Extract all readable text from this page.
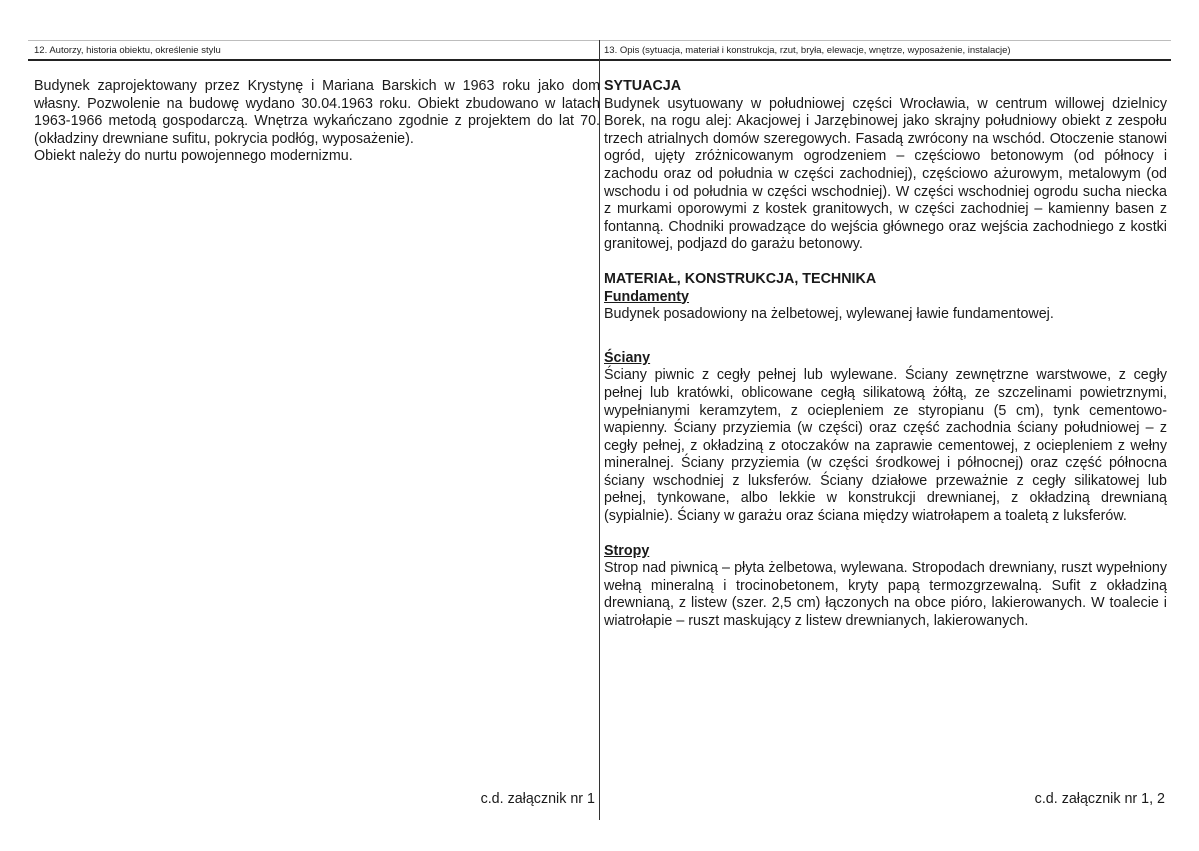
12. Autorzy, historia obiektu, określenie stylu

Budynek zaprojektowany przez Krystynę i Mariana Barskich w 1963 roku jako dom własny. Pozwolenie na budowę wydano 30.04.1963 roku. Obiekt zbudowano w latach 1963-1966 metodą gospodarczą. Wnętrza wykańczano zgodnie z projektem do lat 70. (okładziny drewniane sufitu, pokrycia podłóg, wyposażenie).

Obiekt należy do nurtu powojennego modernizmu.

c.d. załącznik nr 1
13. Opis (sytuacja, materiał i konstrukcja, rzut, bryła, elewacje, wnętrze, wyposażenie, instalacje)

SYTUACJA

Budynek usytuowany w południowej części Wrocławia, w centrum willowej dzielnicy Borek, na rogu alej: Akacjowej i Jarzębinowej jako skrajny południowy obiekt z zespołu trzech atrialnych domów szeregowych. Fasadą zwrócony na wschód. Otoczenie stanowi ogród, ujęty zróżnicowanym ogrodzeniem – częściowo betonowym (od północy i zachodu oraz od południa w części zachodniej), częściowo ażurowym, metalowym (od wschodu i od południa w części wschodniej). W części wschodniej ogrodu sucha niecka z murkami oporowymi z kostek granitowych, w części zachodniej – kamienny basen z fontanną. Chodniki prowadzące do wejścia głównego oraz wejścia zachodniego z kostki granitowej, podjazd do garażu betonowy.

MATERIAŁ, KONSTRUKCJA, TECHNIKA

Fundamenty

Budynek posadowiony na żelbetowej, wylewanej ławie fundamentowej.

Ściany

Ściany piwnic z cegły pełnej lub wylewane. Ściany zewnętrzne warstwowe, z cegły pełnej lub kratówki, oblicowane cegłą silikatową żółtą, ze szczelinami powietrznymi, wypełnianymi keramzytem, z ociepleniem ze styropianu (5 cm), tynk cementowo-wapienny. Ściany przyziemia (w części) oraz część zachodnia ściany południowej – z cegły pełnej, z okładziną z otoczaków na zaprawie cementowej, z ociepleniem z wełny mineralnej. Ściany przyziemia (w części środkowej i północnej) oraz część północna ściany wschodniej z luksferów. Ściany działowe przeważnie z cegły silikatowej lub pełnej, tynkowane, albo lekkie w konstrukcji drewnianej, z okładziną drewnianą (sypialnie). Ściany w garażu oraz ściana między wiatrołapem a toaletą z luksferów.

Stropy

Strop nad piwnicą – płyta żelbetowa, wylewana. Stropodach drewniany, ruszt wypełniony wełną mineralną i trocinobetonem, kryty papą termozgrzewalną. Sufit z okładziną drewnianą, z listew (szer. 2,5 cm) łączonych na obce pióro, lakierowanych. W toalecie i wiatrołapie – ruszt maskujący z listew drewnianych, lakierowanych.

c.d. załącznik nr 1, 2
